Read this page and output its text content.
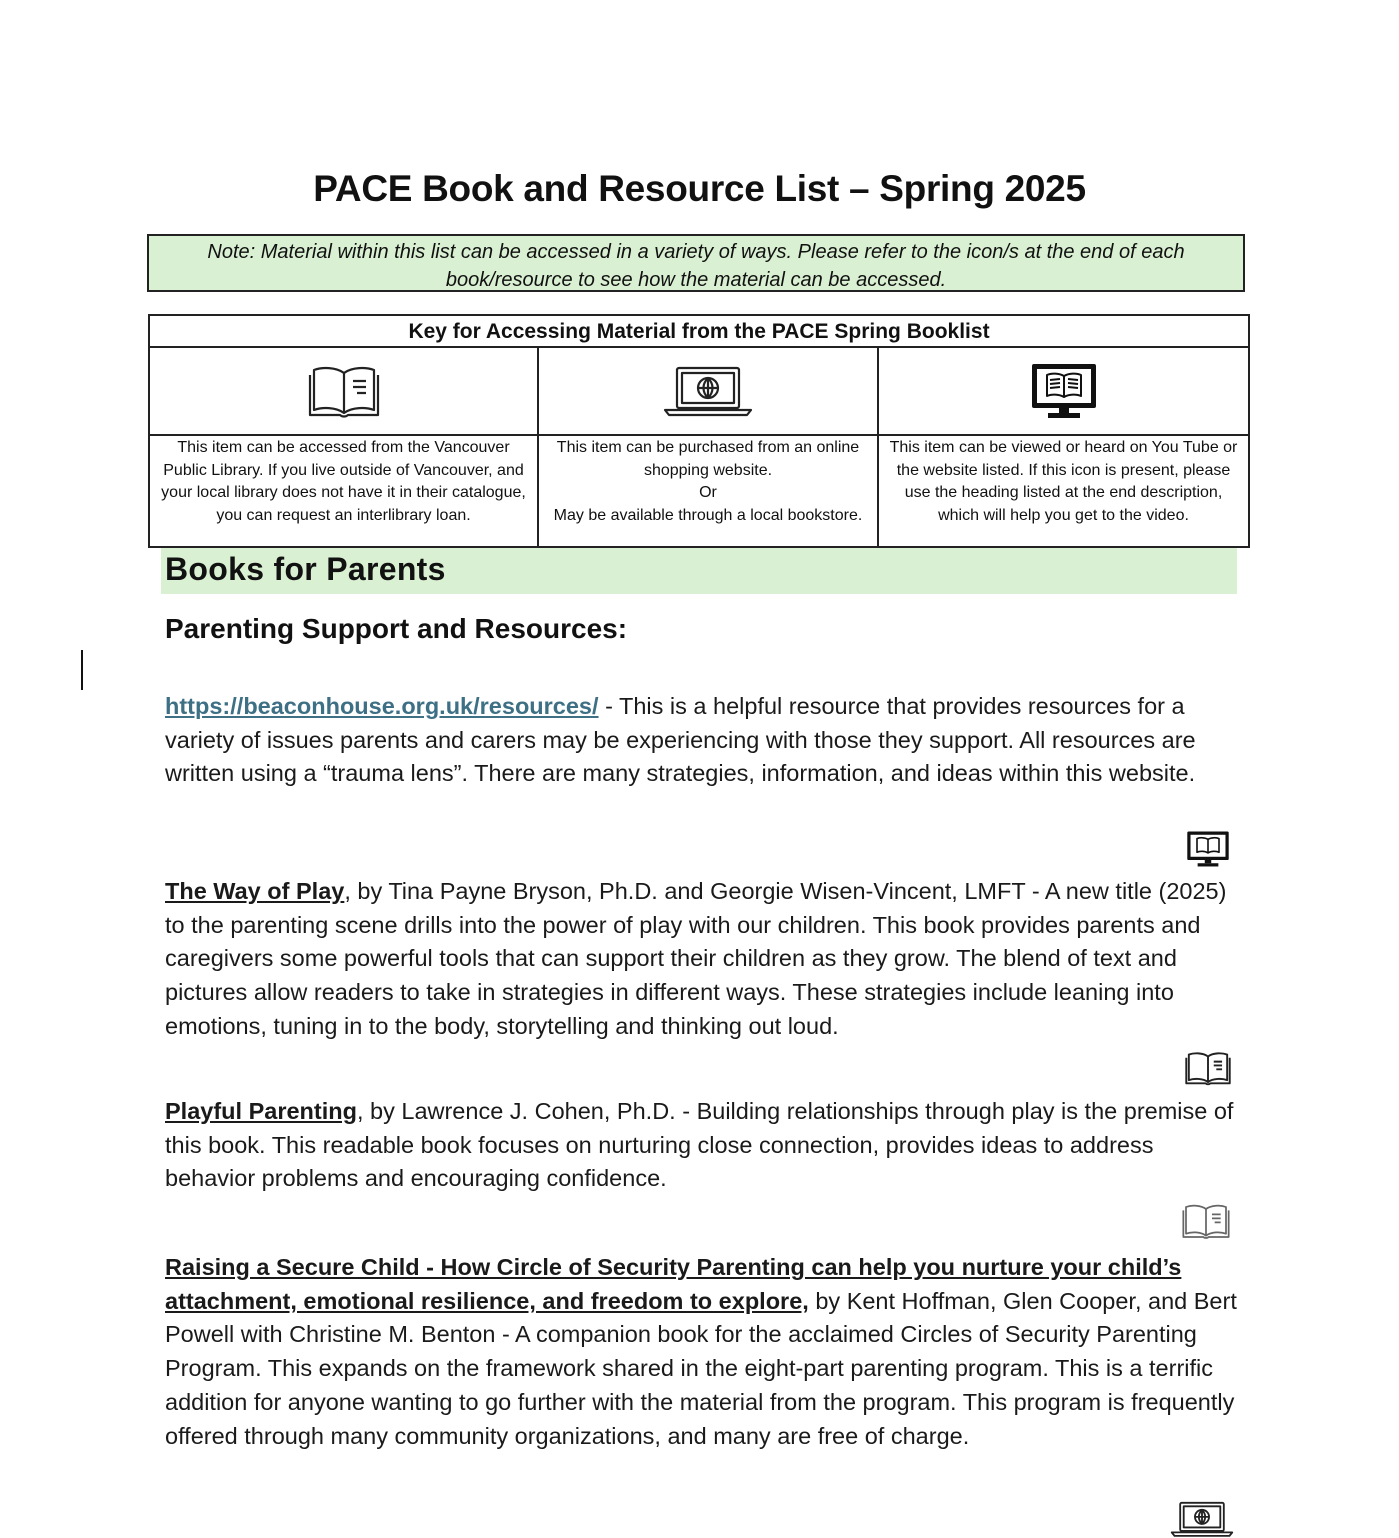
PACE Book and Resource List – Spring 2025
Note: Material within this list can be accessed in a variety of ways. Please refer to the icon/s at the end of each book/resource to see how the material can be accessed.
Key for Accessing Material from the PACE Spring Booklist
This item can be accessed from the Vancouver Public Library. If you live outside of Vancouver, and your local library does not have it in their catalogue, you can request an interlibrary loan.
This item can be purchased from an online shopping website.
Or
May be available through a local bookstore.
This item can be viewed or heard on You Tube or the website listed. If this icon is present, please use the heading listed at the end description, which will help you get to the video.
Books for Parents
Parenting Support and Resources:
https://beaconhouse.org.uk/resources/ - This is a helpful resource that provides resources for a variety of issues parents and carers may be experiencing with those they support. All resources are written using a “trauma lens”. There are many strategies, information, and ideas within this website.
The Way of Play, by Tina Payne Bryson, Ph.D. and Georgie Wisen-Vincent, LMFT - A new title (2025) to the parenting scene drills into the power of play with our children. This book provides parents and caregivers some powerful tools that can support their children as they grow. The blend of text and pictures allow readers to take in strategies in different ways. These strategies include leaning into emotions, tuning in to the body, storytelling and thinking out loud.
Playful Parenting, by Lawrence J. Cohen, Ph.D. - Building relationships through play is the premise of this book. This readable book focuses on nurturing close connection, provides ideas to address behavior problems and encouraging confidence.
Raising a Secure Child - How Circle of Security Parenting can help you nurture your child’s attachment, emotional resilience, and freedom to explore, by Kent Hoffman, Glen Cooper, and Bert Powell with Christine M. Benton - A companion book for the acclaimed Circles of Security Parenting Program. This expands on the framework shared in the eight-part parenting program. This is a terrific addition for anyone wanting to go further with the material from the program. This program is frequently offered through many community organizations, and many are free of charge.
